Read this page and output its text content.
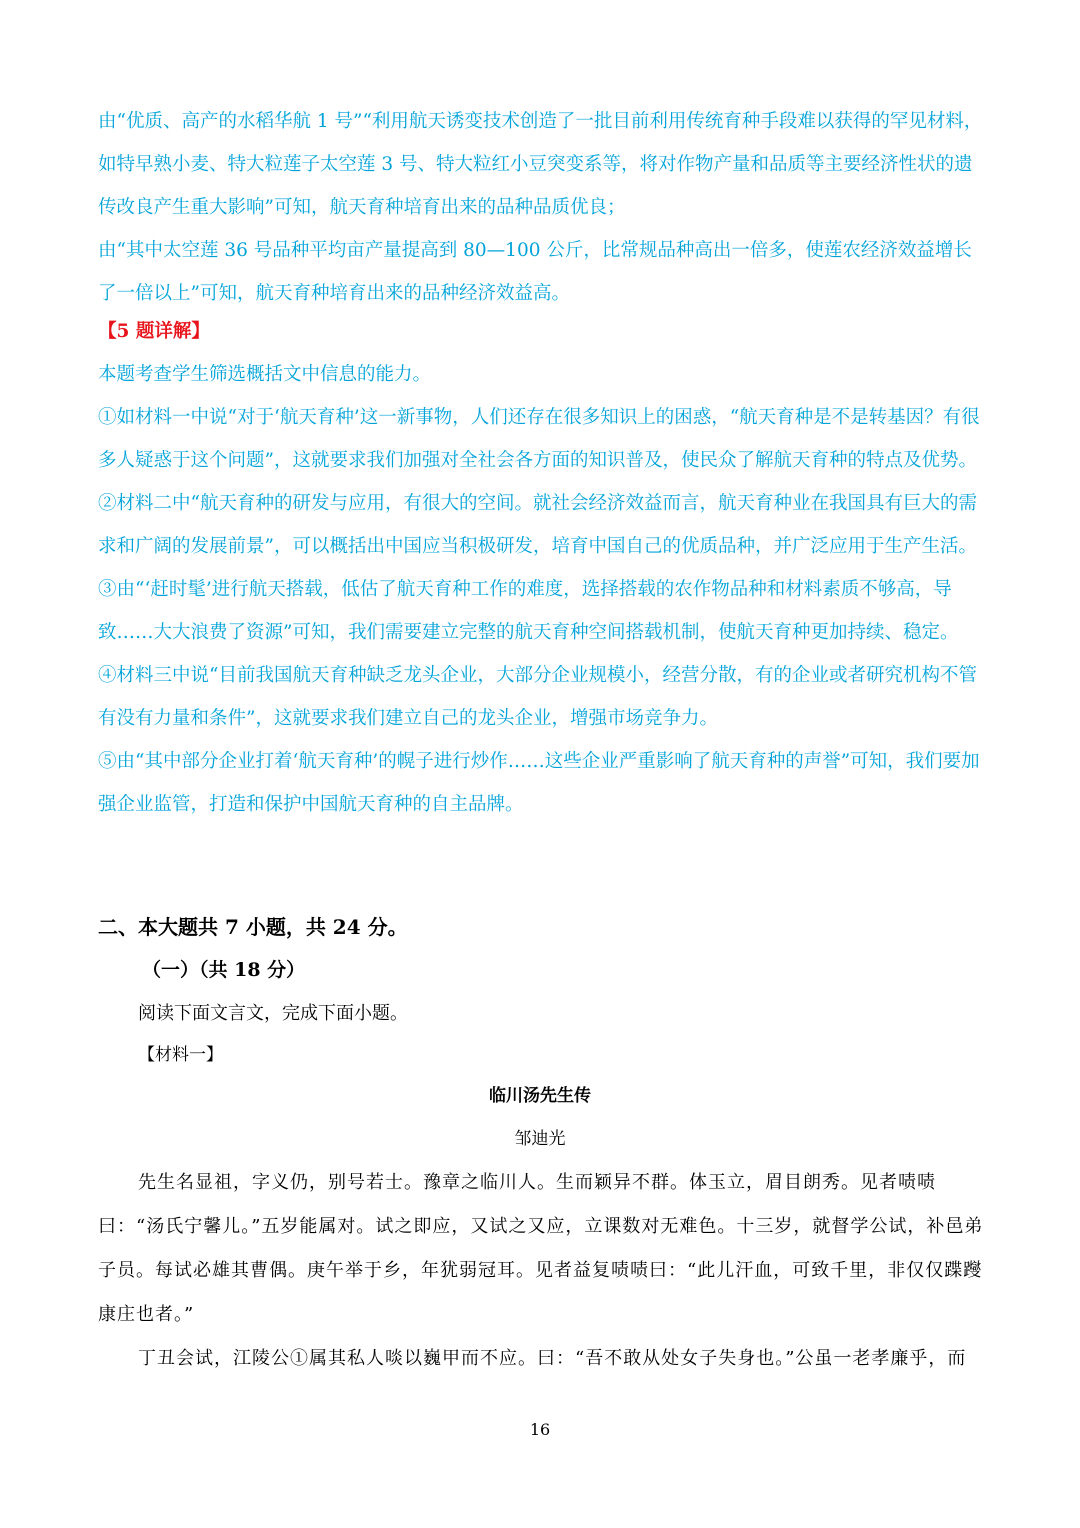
由“优质、高产的水稻华航 1 号”“利用航天诱变技术创造了一批目前利用传统育种手段难以获得的罕见材料，如特早熟小麦、特大粒莲子太空莲 3 号、特大粒红小豆突变系等，将对作物产量和品质等主要经济性状的遗传改良产生重大影响”可知，航天育种培育出来的品种品质优良；

由“其中太空莲 36 号品种平均亩产量提高到 80—100 公斤，比常规品种高出一倍多，使莲农经济效益增长了一倍以上”可知，航天育种培育出来的品种经济效益高。

【5 题详解】

本题考查学生筛选概括文中信息的能力。

①如材料一中说“对于‘航天育种’这一新事物，人们还存在很多知识上的困惑，“航天育种是不是转基因？有很多人疑惑于这个问题”，这就要求我们加强对全社会各方面的知识普及，使民众了解航天育种的特点及优势。

②材料二中“航天育种的研发与应用，有很大的空间。就社会经济效益而言，航天育种业在我国具有巨大的需求和广阔的发展前景”，可以概括出中国应当积极研发，培育中国自己的优质品种，并广泛应用于生产生活。

③由“‘赶时髦’进行航天搭载，低估了航天育种工作的难度，选择搭载的农作物品种和材料素质不够高，导致……大大浪费了资源”可知，我们需要建立完整的航天育种空间搭载机制，使航天育种更加持续、稳定。

④材料三中说“目前我国航天育种缺乏龙头企业，大部分企业规模小，经营分散，有的企业或者研究机构不管有没有力量和条件”，这就要求我们建立自己的龙头企业，增强市场竞争力。

⑤由“其中部分企业打着‘航天育种’的幌子进行炒作……这些企业严重影响了航天育种的声誉”可知，我们要加强企业监管，打造和保护中国航天育种的自主品牌。

二、本大题共 7 小题，共 24 分。
（一）（共 18 分）
阅读下面文言文，完成下面小题。
【材料一】
临川汤先生传
邹迪光

先生名显祖，字义仍，别号若士。豫章之临川人。生而颖异不群。体玉立，眉目朗秀。见者啧啧曰：“汤氏宁馨儿。”五岁能属对。试之即应，又试之又应，立课数对无难色。十三岁，就督学公试，补邑弟子员。每试必雄其曹偶。庚午举于乡，年犹弱冠耳。见者益复啧啧曰：“此儿汗血，可致千里，非仅仅蹀躞康庄也者。”

丁丑会试，江陵公①属其私人啖以巍甲而不应。曰：“吾不敢从处女子失身也。”公虽一老孝廉乎，而

16
